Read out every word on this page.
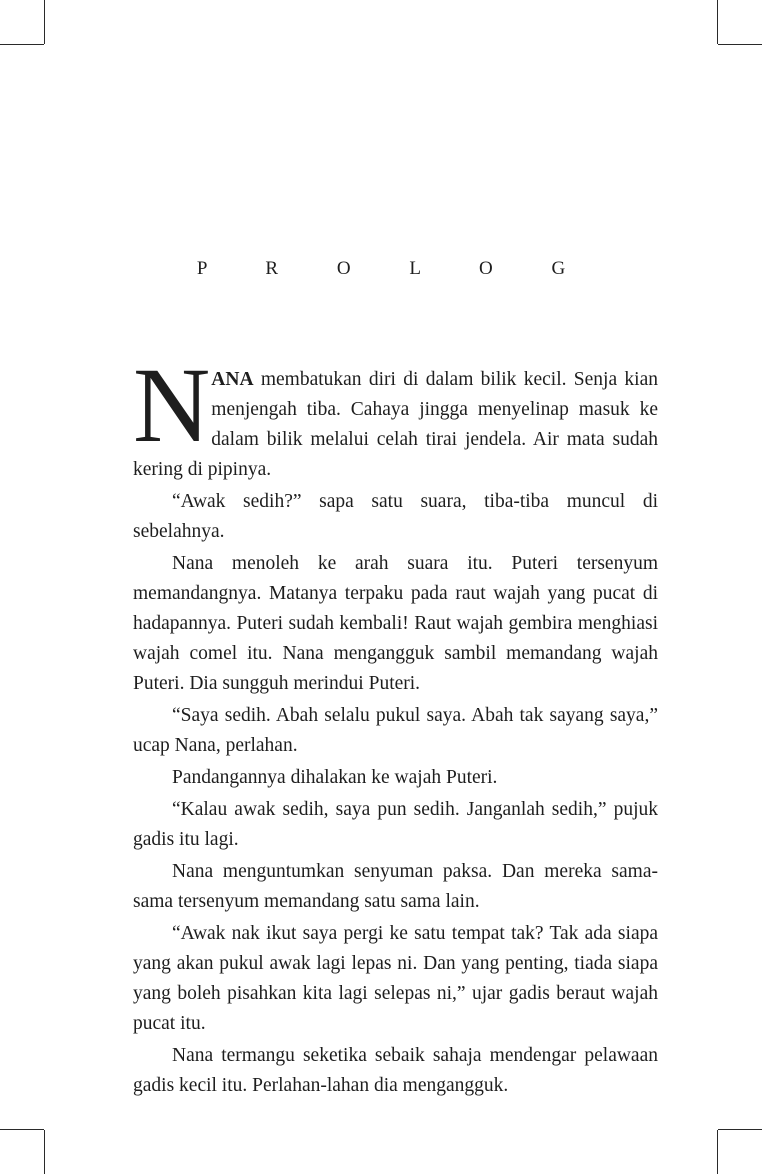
P R O L O G

NANA membatukan diri di dalam bilik kecil. Senja kian menjengah tiba. Cahaya jingga menyelinap masuk ke dalam bilik melalui celah tirai jendela. Air mata sudah kering di pipinya.

“Awak sedih?” sapa satu suara, tiba-tiba muncul di sebelahnya.

Nana menoleh ke arah suara itu. Puteri tersenyum memandangnya. Matanya terpaku pada raut wajah yang pucat di hadapannya. Puteri sudah kembali! Raut wajah gembira menghiasi wajah comel itu. Nana mengangguk sambil memandang wajah Puteri. Dia sungguh merindui Puteri.

“Saya sedih. Abah selalu pukul saya. Abah tak sayang saya,” ucap Nana, perlahan.

Pandangannya dihalakan ke wajah Puteri.

“Kalau awak sedih, saya pun sedih. Janganlah sedih,” pujuk gadis itu lagi.

Nana menguntumkan senyuman paksa. Dan mereka sama-sama tersenyum memandang satu sama lain.

“Awak nak ikut saya pergi ke satu tempat tak? Tak ada siapa yang akan pukul awak lagi lepas ni. Dan yang penting, tiada siapa yang boleh pisahkan kita lagi selepas ni,” ujar gadis beraut wajah pucat itu.

Nana termangu seketika sebaik sahaja mendengar pelawaan gadis kecil itu. Perlahan-lahan dia mengangguk.
